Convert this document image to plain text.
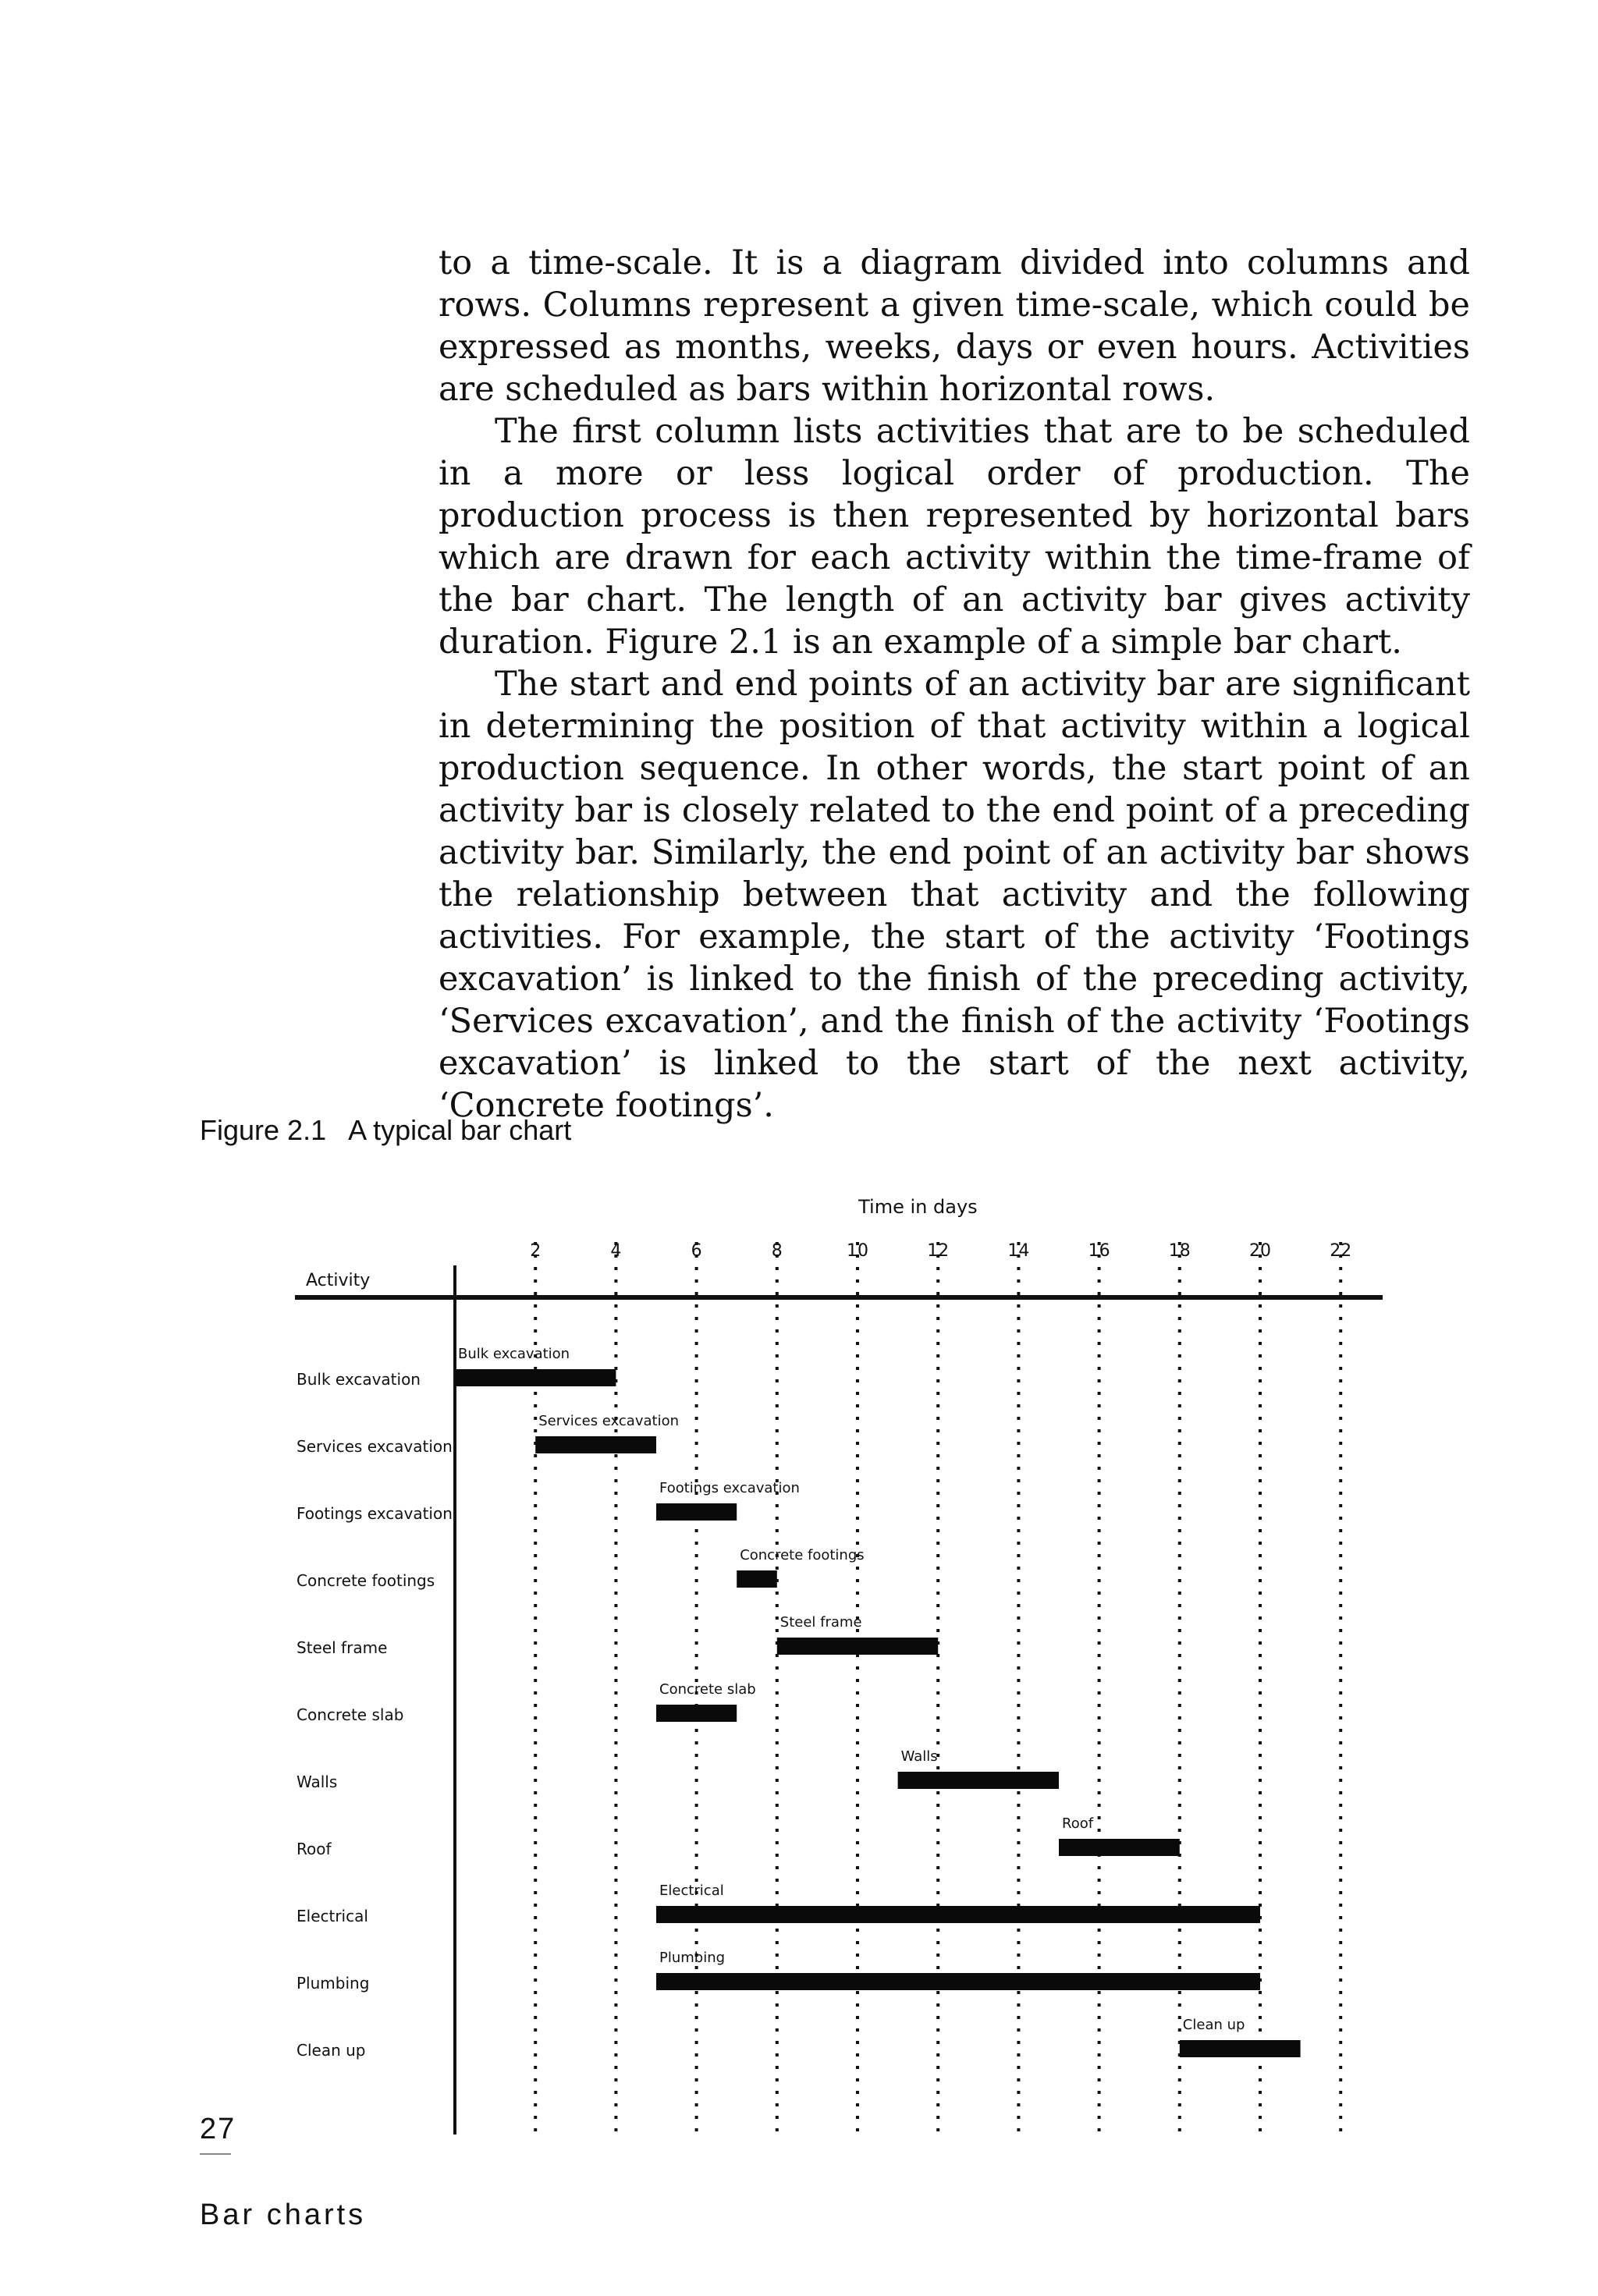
to a time-scale. It is a diagram divided into columns and rows. Columns represent a given time-scale, which could be expressed as months, weeks, days or even hours. Activities are scheduled as bars within horizontal rows.

The first column lists activities that are to be scheduled in a more or less logical order of production. The production process is then represented by horizontal bars which are drawn for each activity within the time-frame of the bar chart. The length of an activity bar gives activity duration. Figure 2.1 is an example of a simple bar chart.

The start and end points of an activity bar are significant in determining the position of that activity within a logical production sequence. In other words, the start point of an activity bar is closely related to the end point of a preceding activity bar. Similarly, the end point of an activity bar shows the relationship between that activity and the following activities. For example, the start of the activity ‘Footings excavation’ is linked to the finish of the preceding activity, ‘Services excavation’, and the finish of the activity ‘Footings excavation’ is linked to the start of the next activity, ‘Concrete footings’.

Figure 2.1 A typical bar chart
Time in days
Activity
2	4	6	8	10	12	14	16	18	20	22
Bulk excavation
Bulk excavation
Services excavation
Services excavation
Footings excavation
Footings excavation
Concrete footings
Concrete footings
Steel frame
Steel frame
Concrete slab
Concrete slab
Walls
Walls
Roof
Roof
Electrical
Electrical
Plumbing
Plumbing
Clean up
Clean up
27
Bar charts
